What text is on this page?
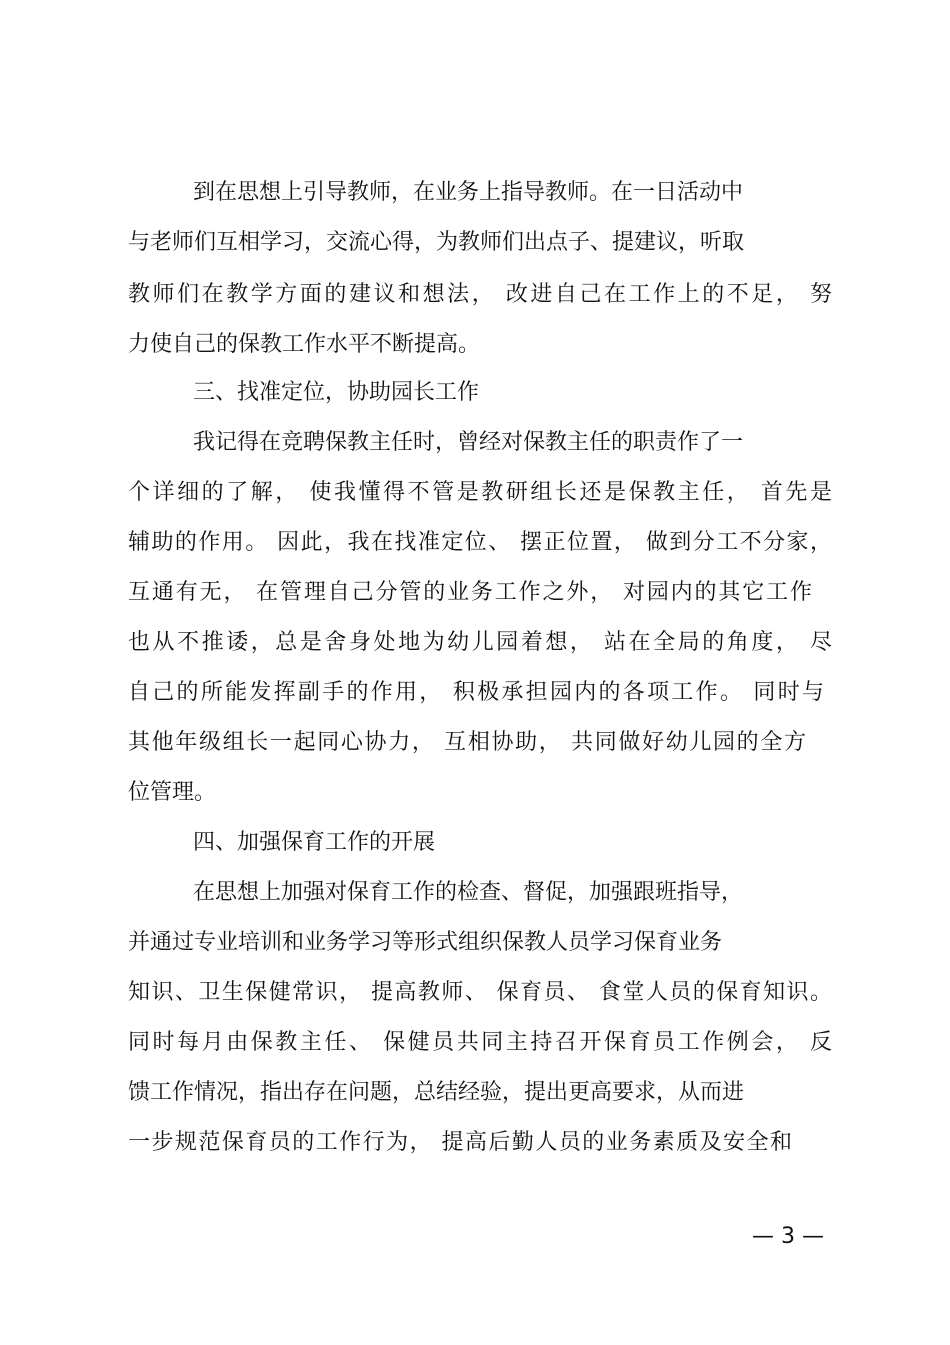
到在思想上引导教师，在业务上指导教师。在一日活动中

与老师们互相学习，交流心得，为教师们出点子、提建议，听取

教师们在教学方面的建议和想法， 改进自己在工作上的不足， 努

力使自己的保教工作水平不断提高。

三、找准定位，协助园长工作

我记得在竞聘保教主任时，曾经对保教主任的职责作了一

个详细的了解， 使我懂得不管是教研组长还是保教主任， 首先是

辅助的作用。 因此，我在找准定位、 摆正位置， 做到分工不分家，

互通有无， 在管理自己分管的业务工作之外， 对园内的其它工作

也从不推诿，总是舍身处地为幼儿园着想， 站在全局的角度， 尽

自己的所能发挥副手的作用， 积极承担园内的各项工作。 同时与

其他年级组长一起同心协力， 互相协助， 共同做好幼儿园的全方

位管理。

四、加强保育工作的开展

在思想上加强对保育工作的检查、督促，加强跟班指导，

并通过专业培训和业务学习等形式组织保教人员学习保育业务

知识、卫生保健常识， 提高教师、 保育员、 食堂人员的保育知识。

同时每月由保教主任、 保健员共同主持召开保育员工作例会， 反

馈工作情况，指出存在问题，总结经验，提出更高要求，从而进

一步规范保育员的工作行为， 提高后勤人员的业务素质及安全和

— 3 —
